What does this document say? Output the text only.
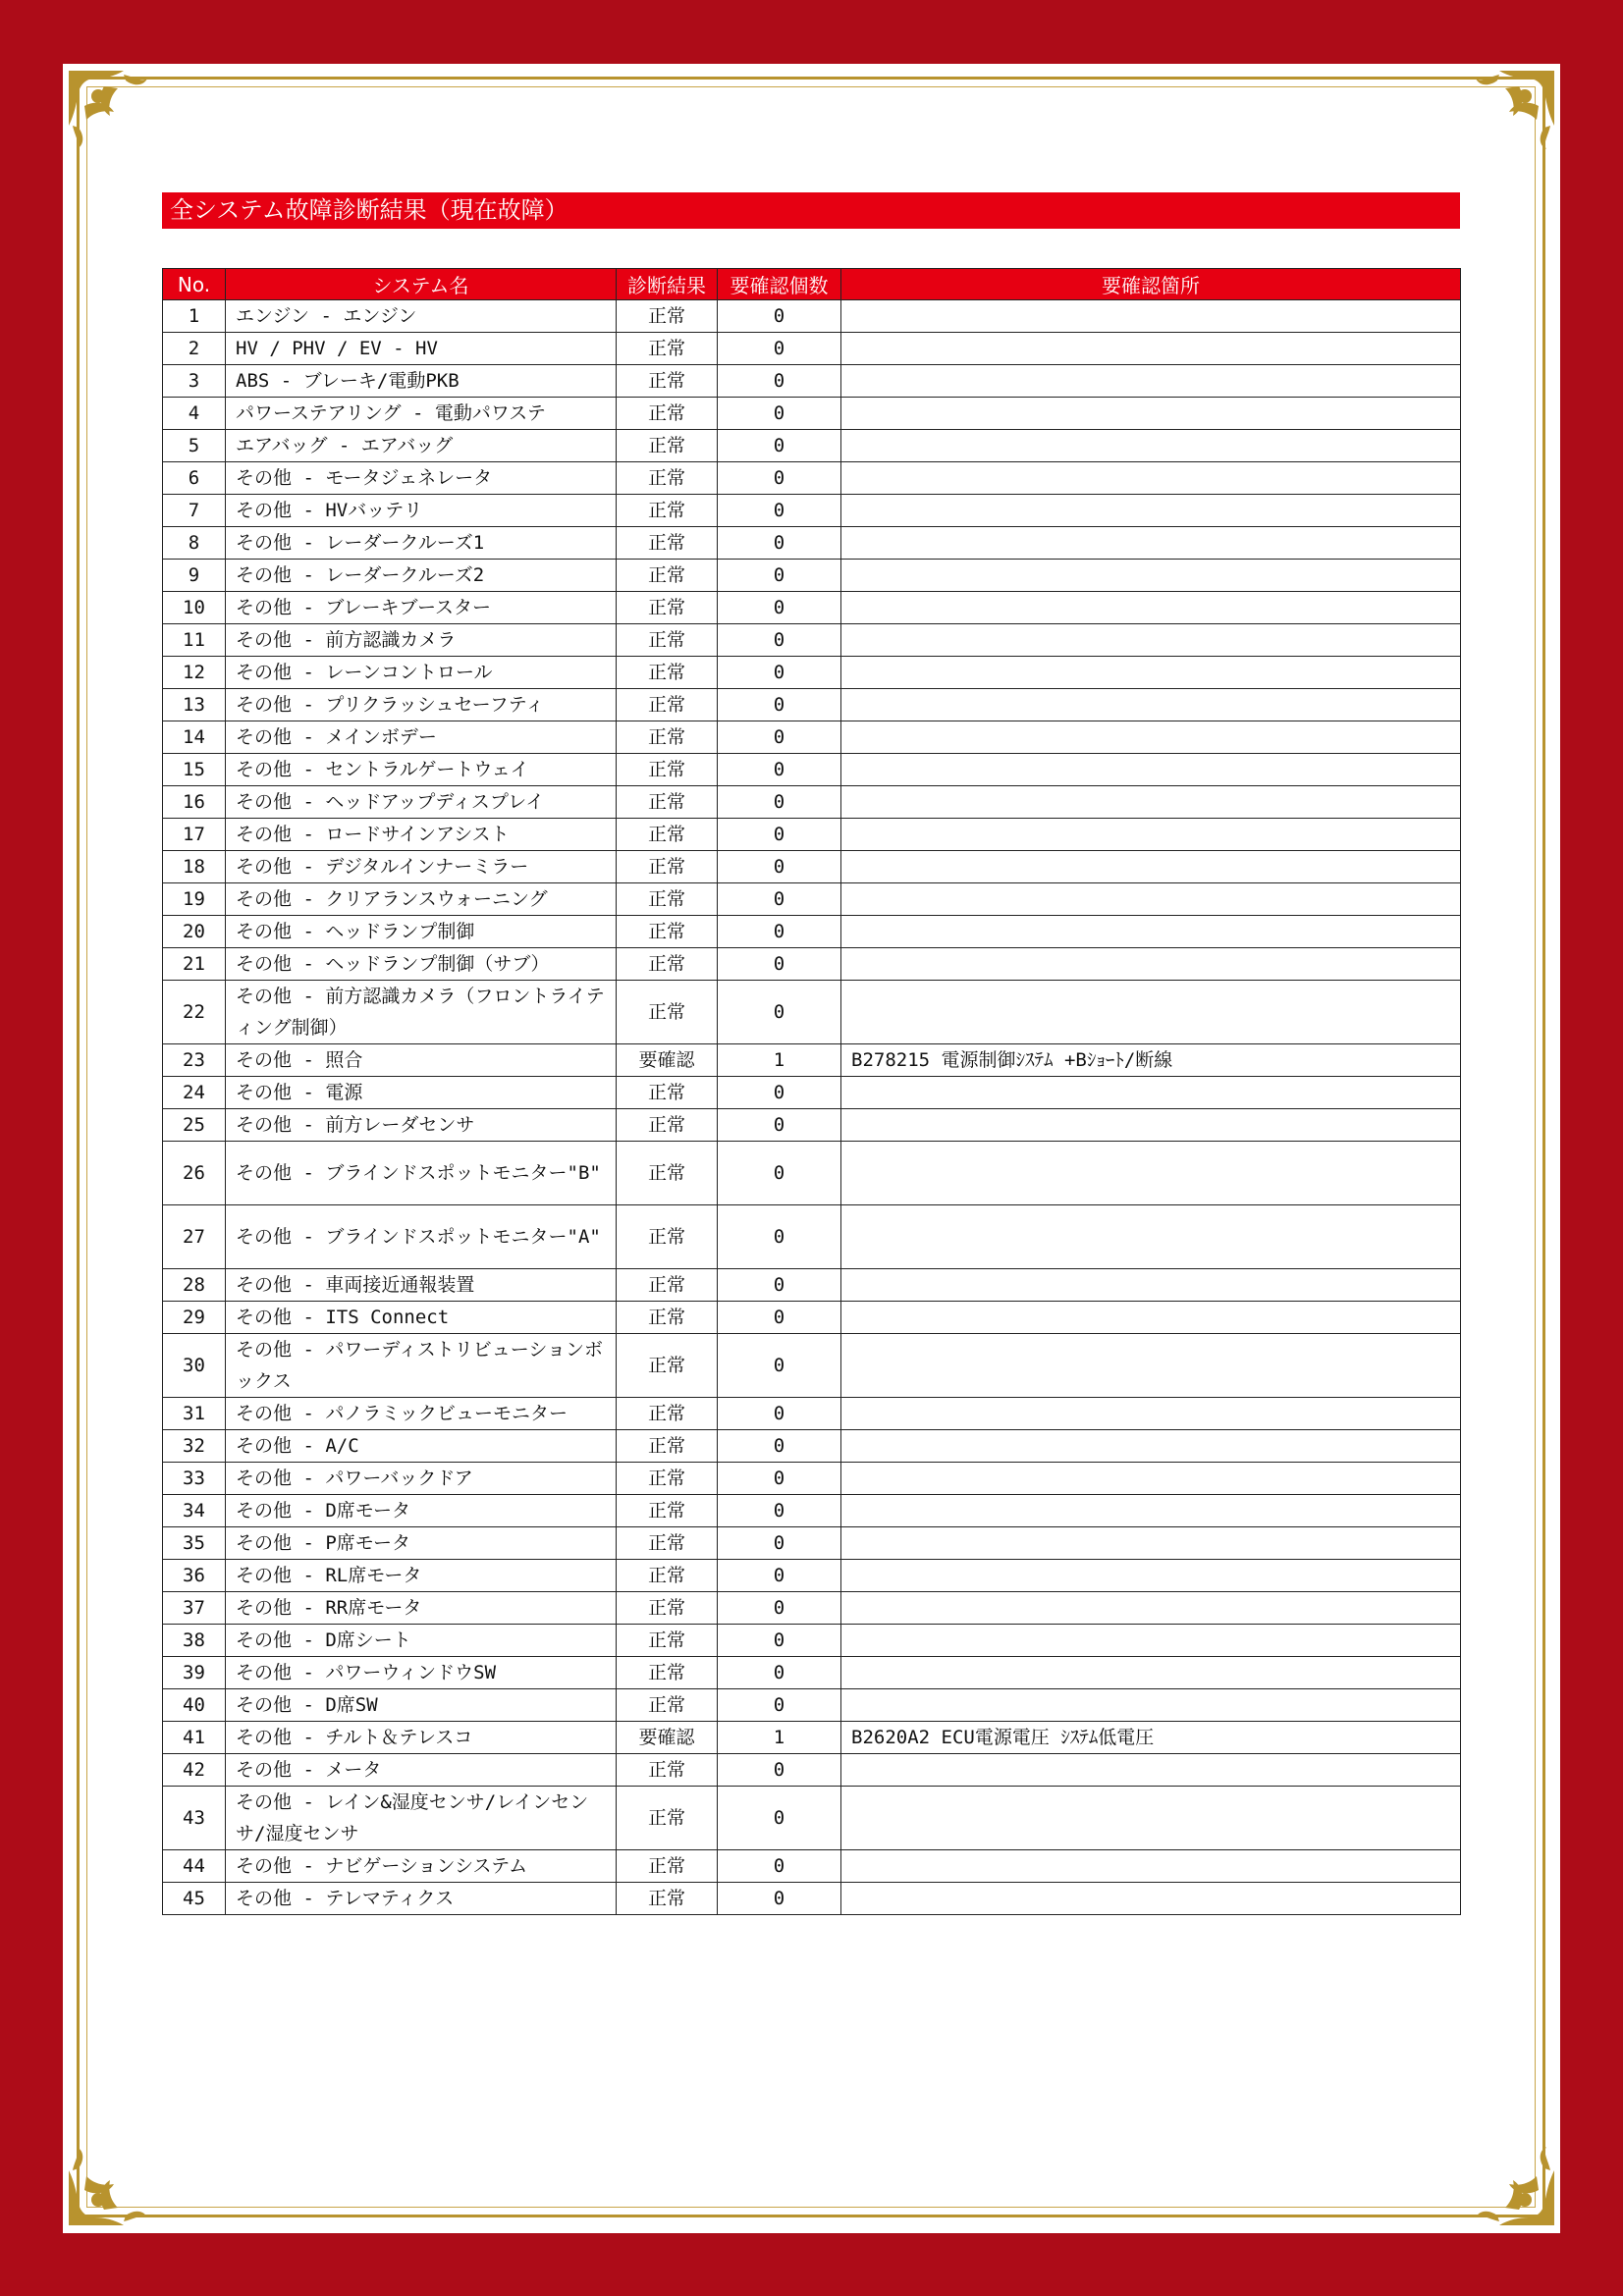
全システム故障診断結果（現在故障）
No.	システム名	診断結果	要確認個数	要確認箇所
1	エンジン - エンジン	正常	0	
2	HV / PHV / EV - HV	正常	0	
3	ABS - ブレーキ/電動PKB	正常	0	
4	パワーステアリング - 電動パワステ	正常	0	
5	エアバッグ - エアバッグ	正常	0	
6	その他 - モータジェネレータ	正常	0	
7	その他 - HVバッテリ	正常	0	
8	その他 - レーダークルーズ1	正常	0	
9	その他 - レーダークルーズ2	正常	0	
10	その他 - ブレーキブースター	正常	0	
11	その他 - 前方認識カメラ	正常	0	
12	その他 - レーンコントロール	正常	0	
13	その他 - プリクラッシュセーフティ	正常	0	
14	その他 - メインボデー	正常	0	
15	その他 - セントラルゲートウェイ	正常	0	
16	その他 - ヘッドアップディスプレイ	正常	0	
17	その他 - ロードサインアシスト	正常	0	
18	その他 - デジタルインナーミラー	正常	0	
19	その他 - クリアランスウォーニング	正常	0	
20	その他 - ヘッドランプ制御	正常	0	
21	その他 - ヘッドランプ制御（サブ）	正常	0	
22	その他 - 前方認識カメラ（フロントライティング制御）	正常	0	
23	その他 - 照合	要確認	1	B278215 電源制御ｼｽﾃﾑ +Bｼｮｰﾄ/断線
24	その他 - 電源	正常	0	
25	その他 - 前方レーダセンサ	正常	0	
26	その他 - ブラインドスポットモニター"B"	正常	0	
27	その他 - ブラインドスポットモニター"A"	正常	0	
28	その他 - 車両接近通報装置	正常	0	
29	その他 - ITS Connect	正常	0	
30	その他 - パワーディストリビューションボックス	正常	0	
31	その他 - パノラミックビューモニター	正常	0	
32	その他 - A/C	正常	0	
33	その他 - パワーバックドア	正常	0	
34	その他 - D席モータ	正常	0	
35	その他 - P席モータ	正常	0	
36	その他 - RL席モータ	正常	0	
37	その他 - RR席モータ	正常	0	
38	その他 - D席シート	正常	0	
39	その他 - パワーウィンドウSW	正常	0	
40	その他 - D席SW	正常	0	
41	その他 - チルト＆テレスコ	要確認	1	B2620A2 ECU電源電圧 ｼｽﾃﾑ低電圧
42	その他 - メータ	正常	0	
43	その他 - レイン&湿度センサ/レインセンサ/湿度センサ	正常	0	
44	その他 - ナビゲーションシステム	正常	0	
45	その他 - テレマティクス	正常	0	
